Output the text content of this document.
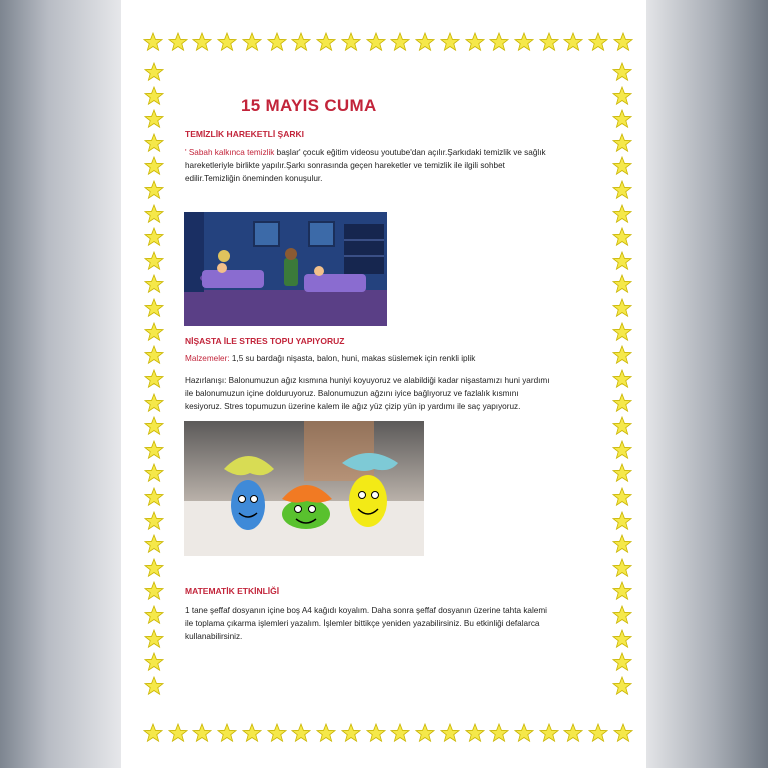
15 MAYIS CUMA
TEMİZLİK HAREKETLİ ŞARKI
' Sabah kalkınca temizlik başlar' çocuk eğitim videosu youtube'dan açılır.Şarkıdaki temizlik ve sağlık
hareketleriyle birlikte yapılır.Şarkı sonrasında geçen hareketler ve temizlik ile ilgili sohbet
edilir.Temizliğin öneminden konuşulur.
NİŞASTA İLE STRES TOPU YAPIYORUZ
Malzemeler: 1,5 su bardağı nişasta, balon, huni, makas süslemek için renkli iplik
Hazırlanışı: Balonumuzun ağız kısmına huniyi koyuyoruz ve alabildiği kadar nişastamızı huni yardımı
ile balonumuzun içine dolduruyoruz. Balonumuzun ağzını iyice bağlıyoruz ve fazlalık kısmını
kesiyoruz. Stres topumuzun üzerine kalem ile ağız yüz çizip yün ip yardımı ile saç yapıyoruz.
MATEMATİK ETKİNLİĞİ
1 tane şeffaf dosyanın içine boş A4 kağıdı koyalım. Daha sonra şeffaf dosyanın üzerine tahta kalemi
ile toplama çıkarma işlemleri yazalım. İşlemler bittikçe yeniden yazabilirsiniz. Bu etkinliği defalarca
kullanabilirsiniz.
